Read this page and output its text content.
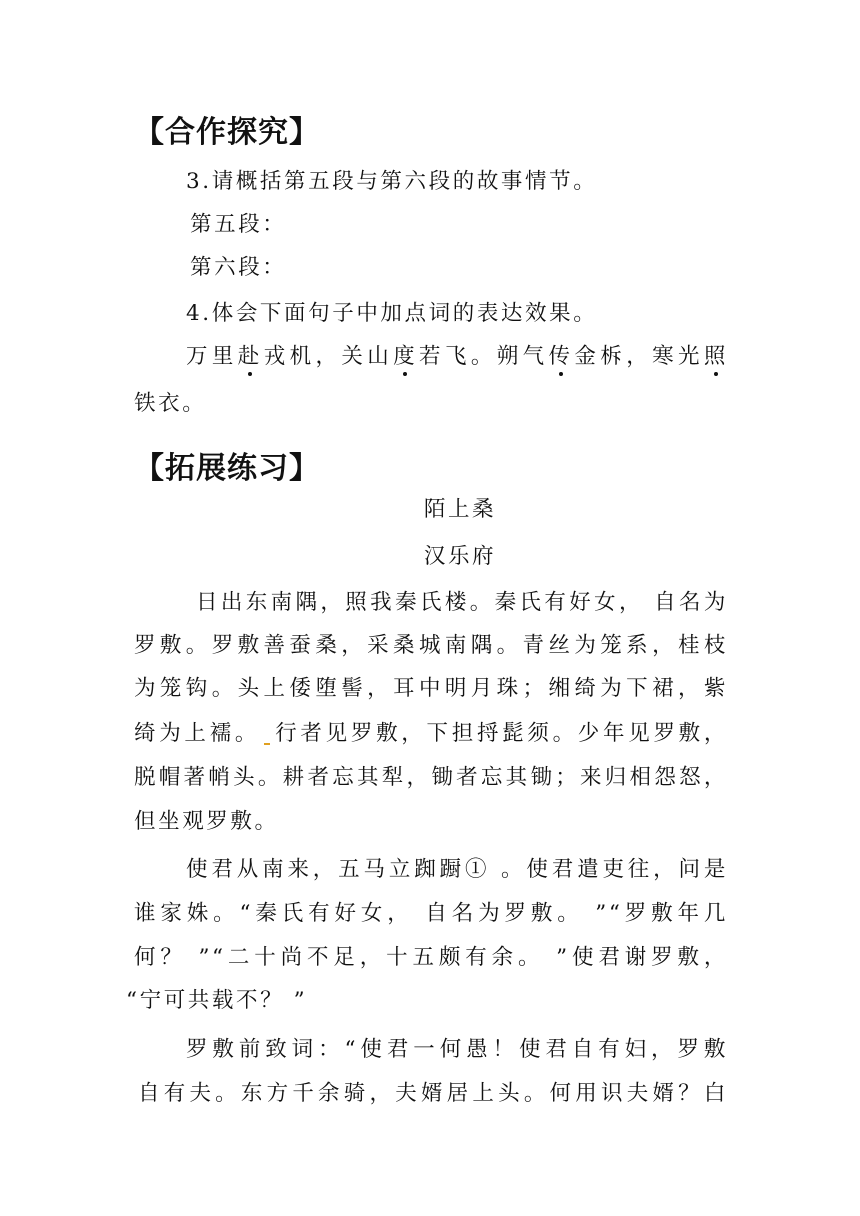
【合作探究】
3.请概括第五段与第六段的故事情节。
第五段：
第六段：
4.体会下面句子中加点词的表达效果。
万里赴戎机，关山度若飞。朔气传金柝，寒光照
铁衣。
【拓展练习】
陌上桑
汉乐府
日出东南隅，照我秦氏楼。秦氏有好女， 自名为
罗敷。罗敷善蚕桑，采桑城南隅。青丝为笼系，桂枝
为笼钩。头上倭堕髻，耳中明月珠；缃绮为下裙，紫
绮为上襦。 行者见罗敷，下担捋髭须。少年见罗敷，
脱帽著帩头。耕者忘其犁，锄者忘其锄；来归相怨怒，
但坐观罗敷。
使君从南来，五马立踟蹰① 。使君遣吏往，问是
谁家姝。“秦氏有好女， 自名为罗敷。 ”“罗敷年几
何？ ”“二十尚不足，十五颇有余。 ”使君谢罗敷，
“宁可共载不？ ”
罗敷前致词：“使君一何愚！使君自有妇，罗敷
自有夫。东方千余骑，夫婿居上头。何用识夫婿？白
